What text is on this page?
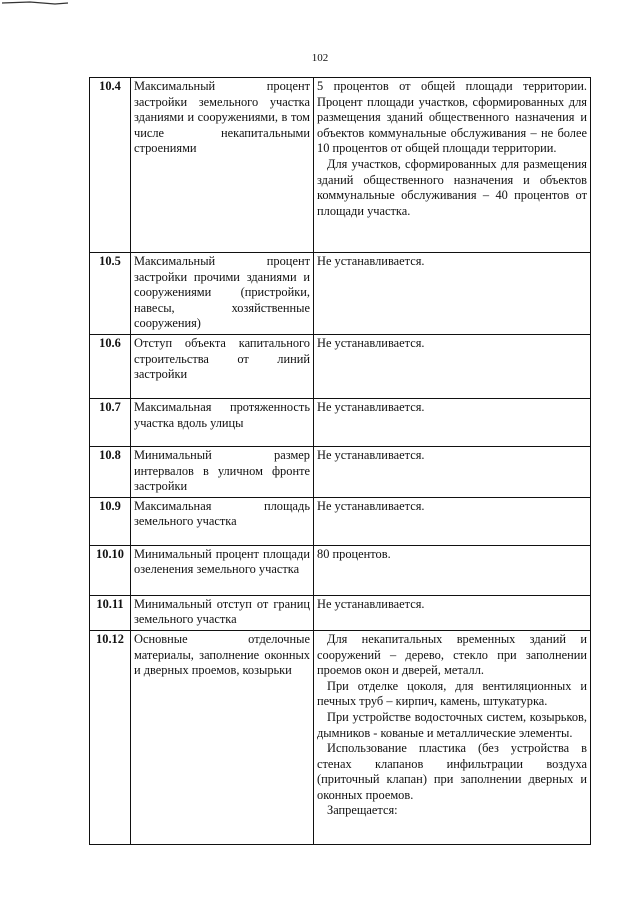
102
10.4	Максимальный процент застройки земельного участка зданиями и сооружениями, в том числе некапитальными строениями	5 процентов от общей площади территории. Процент площади участков, сформированных для размещения зданий общественного назначения и объектов коммунальные обслуживания – не более 10 процентов от общей площади территории.
Для участков, сформированных для размещения зданий общественного назначения и объектов коммунальные обслуживания – 40 процентов от площади участка.

10.5	Максимальный процент застройки прочими зданиями и сооружениями (пристройки, навесы, хозяйственные сооружения)	Не устанавливается.

10.6	Отступ объекта капитального строительства от линий застройки	Не устанавливается.

10.7	Максимальная протяженность участка вдоль улицы	Не устанавливается.

10.8	Минимальный размер интервалов в уличном фронте застройки	Не устанавливается.

10.9	Максимальная площадь земельного участка	Не устанавливается.

10.10	Минимальный процент площади озеленения земельного участка	80 процентов.

10.11	Минимальный отступ от границ земельного участка	Не устанавливается.

10.12	Основные отделочные материалы, заполнение оконных и дверных проемов, козырьки	Для некапитальных временных зданий и сооружений – дерево, стекло при заполнении проемов окон и дверей, металл.
При отделке цоколя, для вентиляционных и печных труб – кирпич, камень, штукатурка.
При устройстве водосточных систем, козырьков, дымников - кованые и металлические элементы.
Использование пластика (без устройства в стенах клапанов инфильтрации воздуха (приточный клапан) при заполнении дверных и оконных проемов.
Запрещается:
